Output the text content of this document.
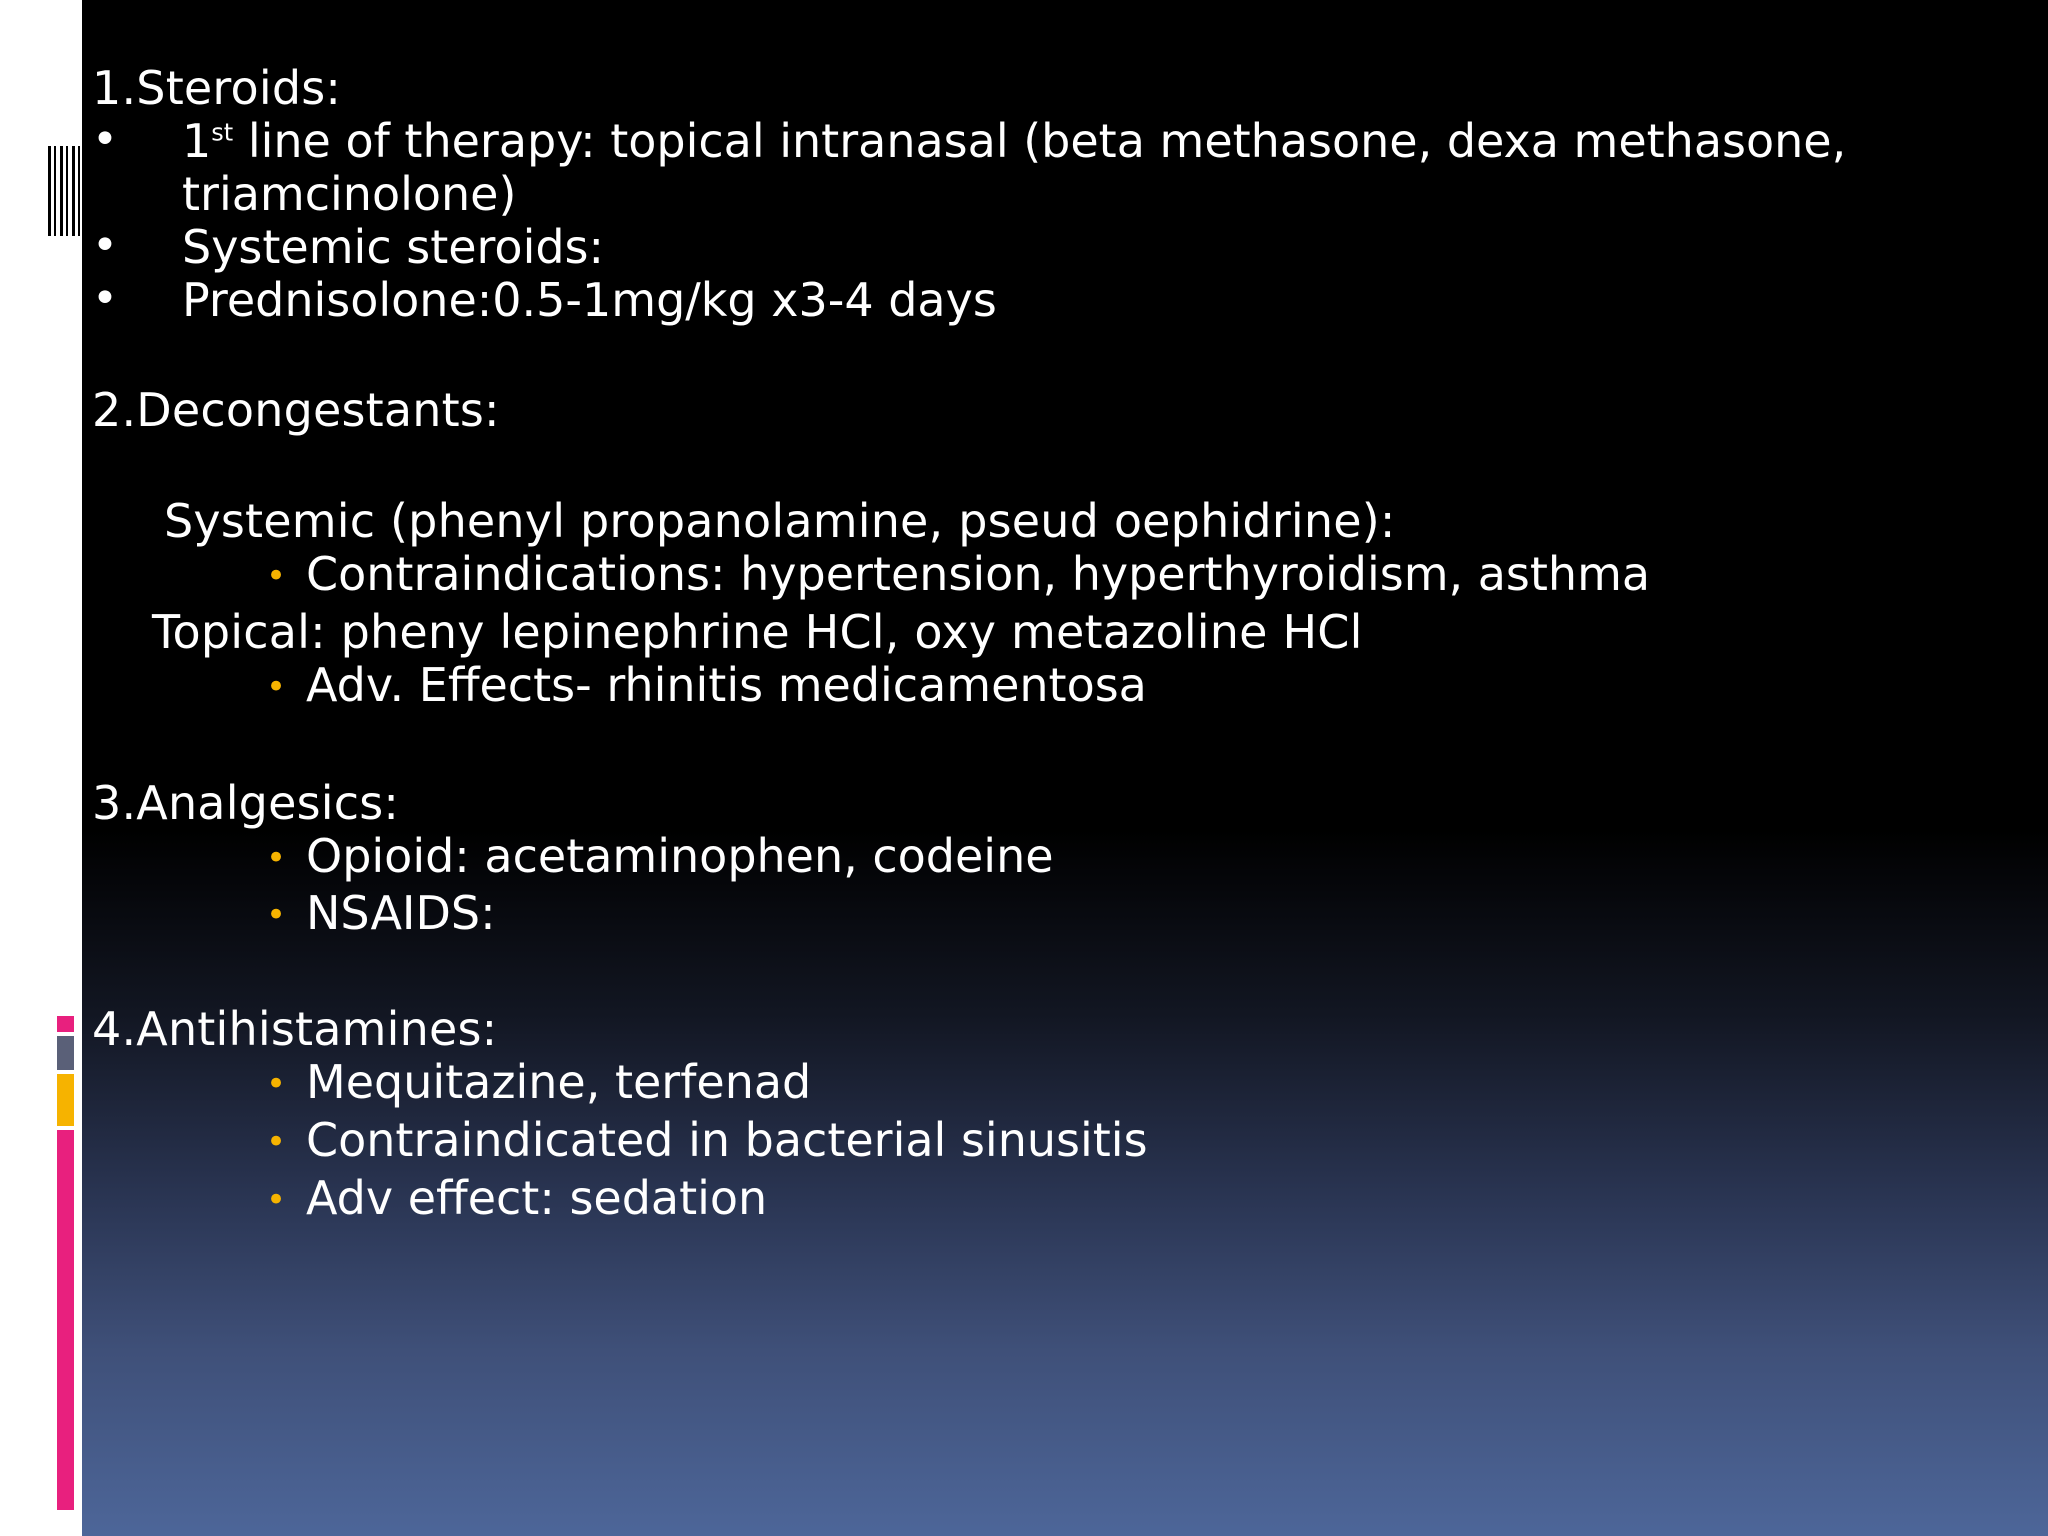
1.Steroids:

•	1st line of therapy: topical intranasal (beta methasone, dexa methasone,
triamcinolone)
•	Systemic steroids:
•	Prednisolone:0.5-1mg/kg x3-4 days

2.Decongestants:

Systemic (phenyl propanolamine, pseud oephidrine):

• Contraindications: hypertension, hyperthyroidism, asthma

Topical: pheny lepinephrine HCl, oxy metazoline HCl

• Adv. Effects- rhinitis medicamentosa

3.Analgesics:

• Opioid: acetaminophen, codeine
• NSAIDS:

4.Antihistamines:

• Mequitazine, terfenad
• Contraindicated in bacterial sinusitis
• Adv effect: sedation
